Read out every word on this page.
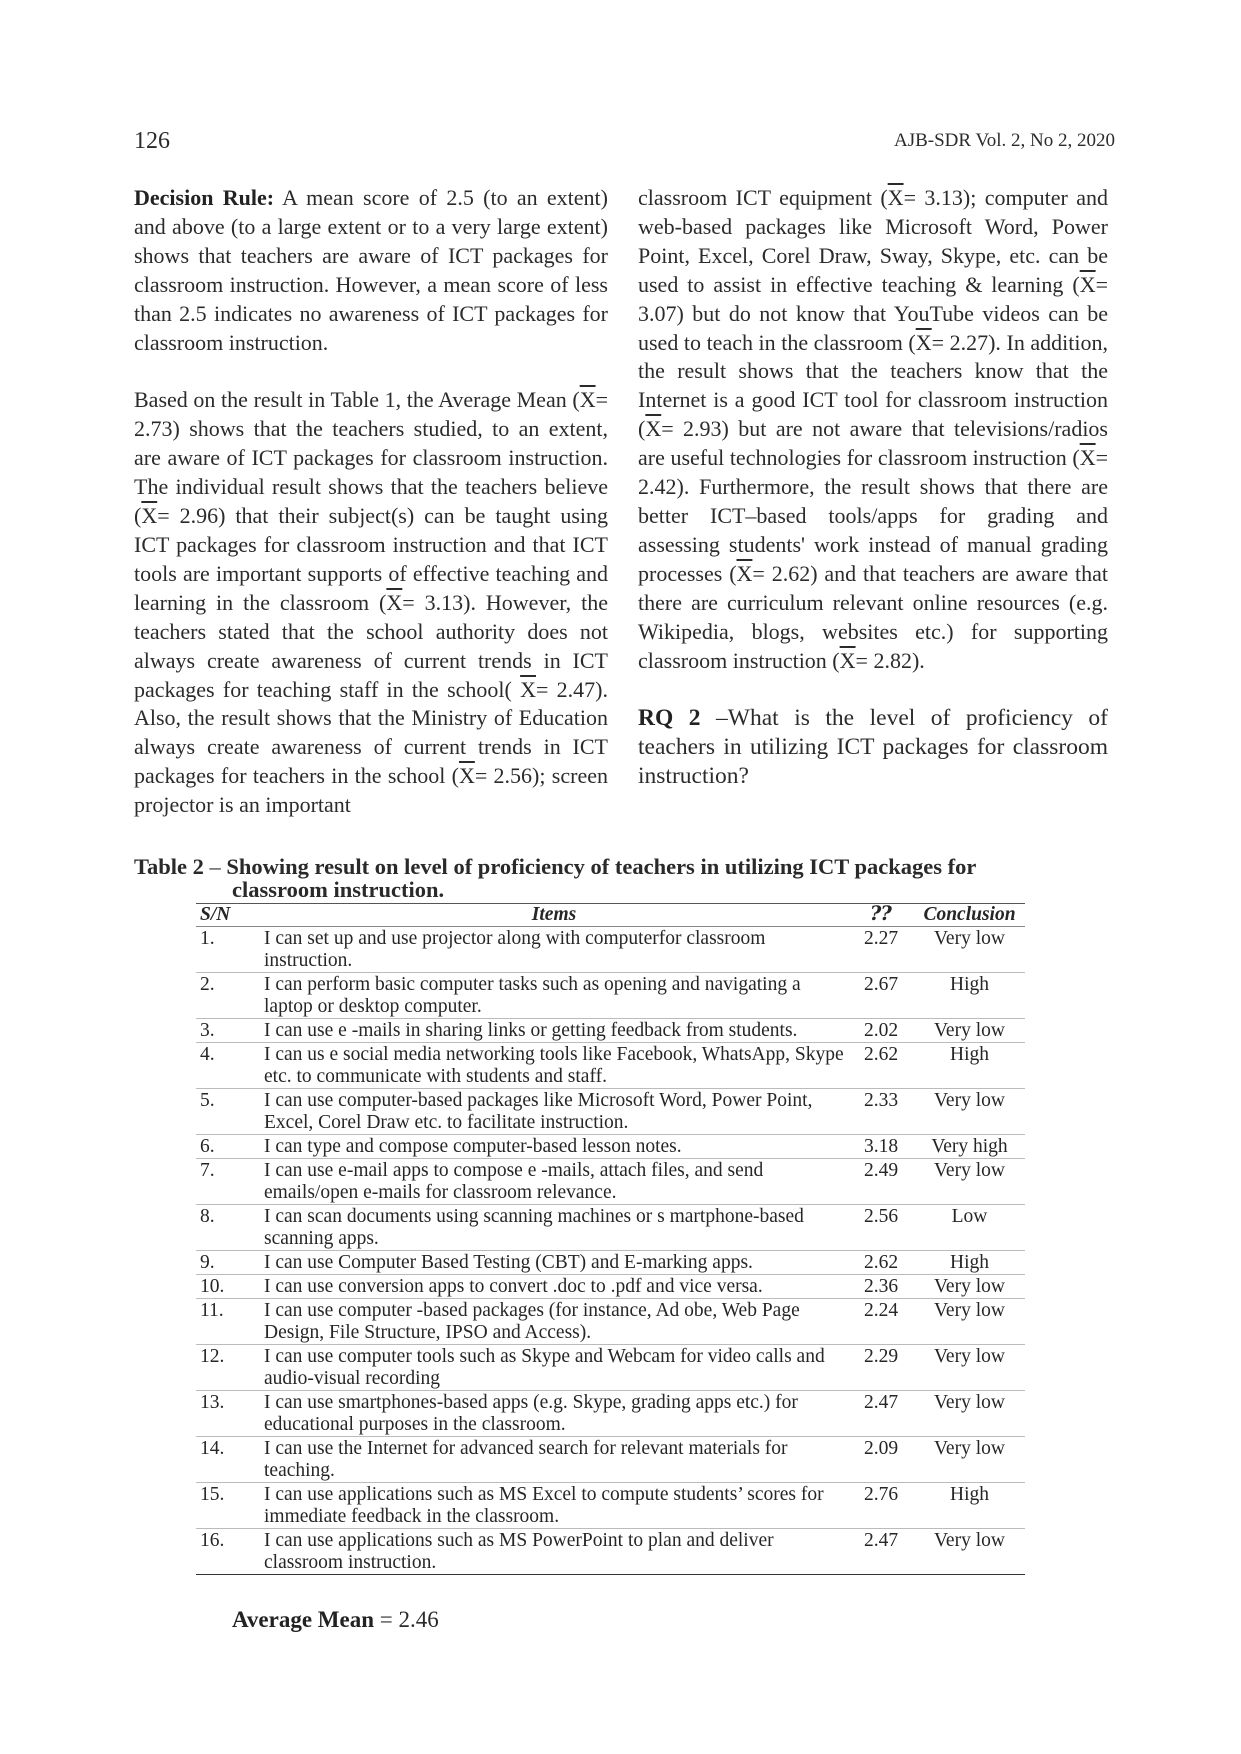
126	AJB-SDR Vol. 2, No 2, 2020

Decision Rule: A mean score of 2.5 (to an extent) and above (to a large extent or to a very large extent) shows that teachers are aware of ICT packages for classroom instruction. However, a mean score of less than 2.5 indicates no awareness of ICT packages for classroom instruction.

Based on the result in Table 1, the Average Mean $(\overline{X}= 2.73)$ shows that the teachers studied, to an extent, are aware of ICT packages for classroom instruction. The individual result shows that the teachers believe $(\overline{X}= 2.96)$ that their subject(s) can be taught using ICT packages for classroom instruction and that ICT tools are important supports of effective teaching and learning in the classroom $(\overline{X}= 3.13)$. However, the teachers stated that the school authority does not always create awareness of current trends in ICT packages for teaching staff in the school( $\overline{X}= 2.47$). Also, the result shows that the Ministry of Education always create awareness of current trends in ICT packages for teachers in the school $(\overline{X}= 2.56)$; screen projector is an important

classroom ICT equipment $(\overline{X}= 3.13)$; computer and web-based packages like Microsoft Word, Power Point, Excel, Corel Draw, Sway, Skype, etc. can be used to assist in effective teaching & learning $(\overline{X}= 3.07)$ but do not know that YouTube videos can be used to teach in the classroom $(\overline{X}= 2.27)$. In addition, the result shows that the teachers know that the Internet is a good ICT tool for classroom instruction $(\overline{X}= 2.93)$ but are not aware that televisions/radios are useful technologies for classroom instruction $(\overline{X}= 2.42)$. Furthermore, the result shows that there are better ICT–based tools/apps for grading and assessing students' work instead of manual grading processes $(\overline{X}= 2.62)$ and that teachers are aware that there are curriculum relevant online resources (e.g. Wikipedia, blogs, websites etc.) for supporting classroom instruction $(\overline{X}= 2.82)$.

RQ 2 –What is the level of proficiency of teachers in utilizing ICT packages for classroom instruction?

Table 2 – Showing result on level of proficiency of teachers in utilizing ICT packages for
classroom instruction.
S/N	Items	⁇	Conclusion
1.	I can set up and use projector along with computerfor classroom instruction.	2.27	Very low
2.	I can perform basic computer tasks such as opening and navigating a laptop or desktop computer.	2.67	High
3.	I can use e -mails in sharing links or getting feedback from students.	2.02	Very low
4.	I can us e social media networking tools like Facebook, WhatsApp, Skype etc. to communicate with students and staff.	2.62	High
5.	I can use computer-based packages like Microsoft Word, Power Point, Excel, Corel Draw etc. to facilitate instruction.	2.33	Very low
6.	I can type and compose computer-based lesson notes.	3.18	Very high
7.	I can use e-mail apps to compose e -mails, attach files, and send emails/open e-mails for classroom relevance.	2.49	Very low
8.	I can scan documents using scanning machines or s martphone-based scanning apps.	2.56	Low
9.	I can use Computer Based Testing (CBT) and E-marking apps.	2.62	High
10.	I can use conversion apps to convert .doc to .pdf and vice versa.	2.36	Very low
11.	I can use computer -based packages (for instance, Ad obe, Web Page Design, File Structure, IPSO and Access).	2.24	Very low
12.	I can use computer tools such as Skype and Webcam for video calls and audio-visual recording	2.29	Very low
13.	I can use smartphones-based apps (e.g. Skype, grading apps etc.) for educational purposes in the classroom.	2.47	Very low
14.	I can use the Internet for advanced search for relevant materials for teaching.	2.09	Very low
15.	I can use applications such as MS Excel to compute students’ scores for immediate feedback in the classroom.	2.76	High
16.	I can use applications such as MS PowerPoint to plan and deliver classroom instruction.	2.47	Very low
Average Mean = 2.46
